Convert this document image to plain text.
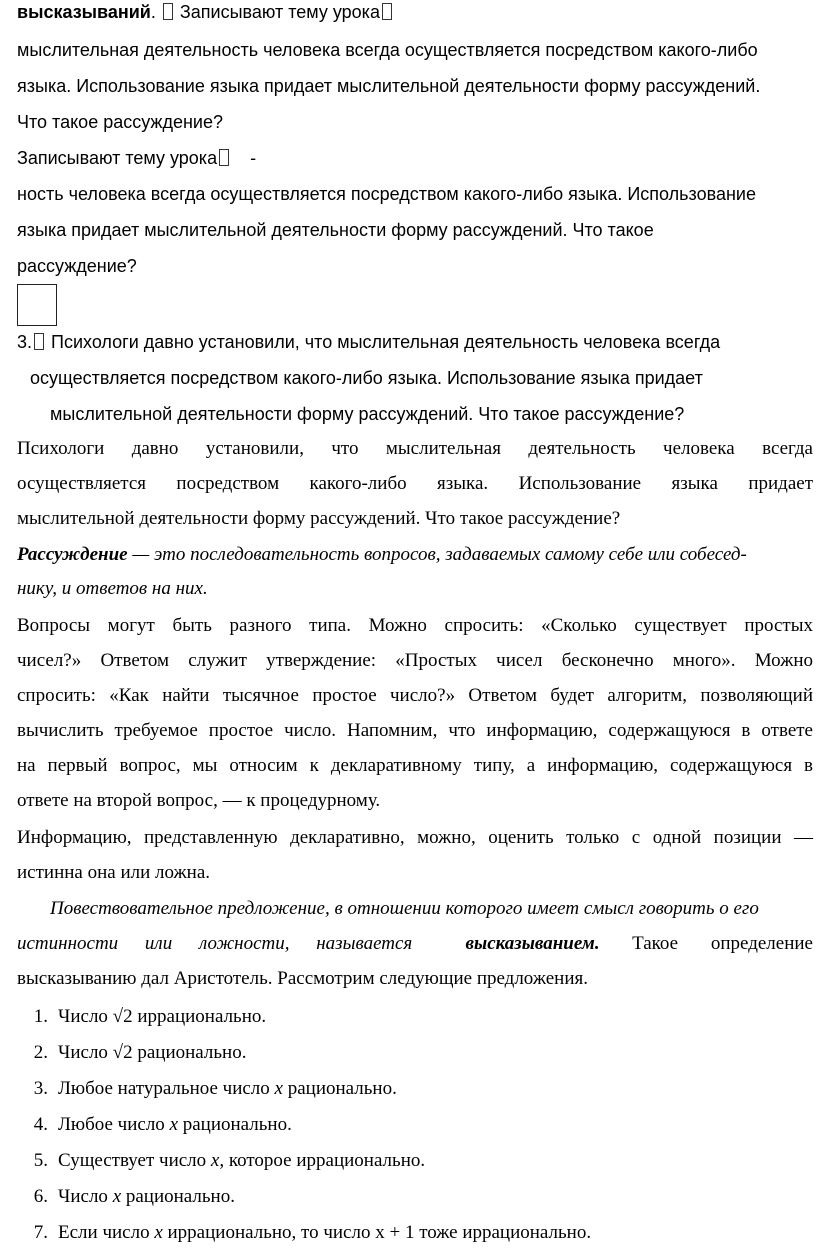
высказываний.  Записывают тему урока
мыслительная деятельность человека всегда осуществляется посредством какого-либо
языка. Использование языка придает мыслительной деятельности форму рассуждений.
Что такое рассуждение?
Записывают тему урока -
ность человека всегда осуществляется посредством какого-либо языка. Использование
языка придает мыслительной деятельности форму рассуждений. Что такое
рассуждение?
3. Психологи давно установили, что мыслительная деятельность человека всегда
осуществляется посредством какого-либо языка. Использование языка придает
мыслительной деятельности форму рассуждений. Что такое рассуждение?
Психологи давно установили, что мыслительная деятельность человека всегда
осуществляется посредством какого-либо языка. Использование языка придает
мыслительной деятельности форму рассуждений. Что такое рассуждение?
Рассуждение — это последовательность вопросов, задаваемых самому себе или собесед-
нику, и ответов на них.
Вопросы могут быть разного типа. Можно спросить: «Сколько существует простых
чисел?» Ответом служит утверждение: «Простых чисел бесконечно много». Можно
спросить: «Как найти тысячное простое число?» Ответом будет алгоритм, позволяющий
вычислить требуемое простое число. Напомним, что информацию, содержащуюся в ответе
на первый вопрос, мы относим к декларативному типу, а информацию, содержащуюся в
ответе на второй вопрос, — к процедурному.
Информацию, представленную декларативно, можно, оценить только с одной позиции —
истинна она или ложна.
Повествовательное предложение, в отношении которого имеет смысл говорить о его
истинности или ложности, называется	высказыванием. Такое определение
высказыванию дал Аристотель. Рассмотрим следующие предложения.
1. Число √2 иррационально.
2. Число √2 рационально.
3. Любое натуральное число x рационально.
4. Любое число x рационально.
5. Существует число x, которое иррационально.
6. Число x рационально.
7. Если число x иррационально, то число x + 1 тоже иррационально.
